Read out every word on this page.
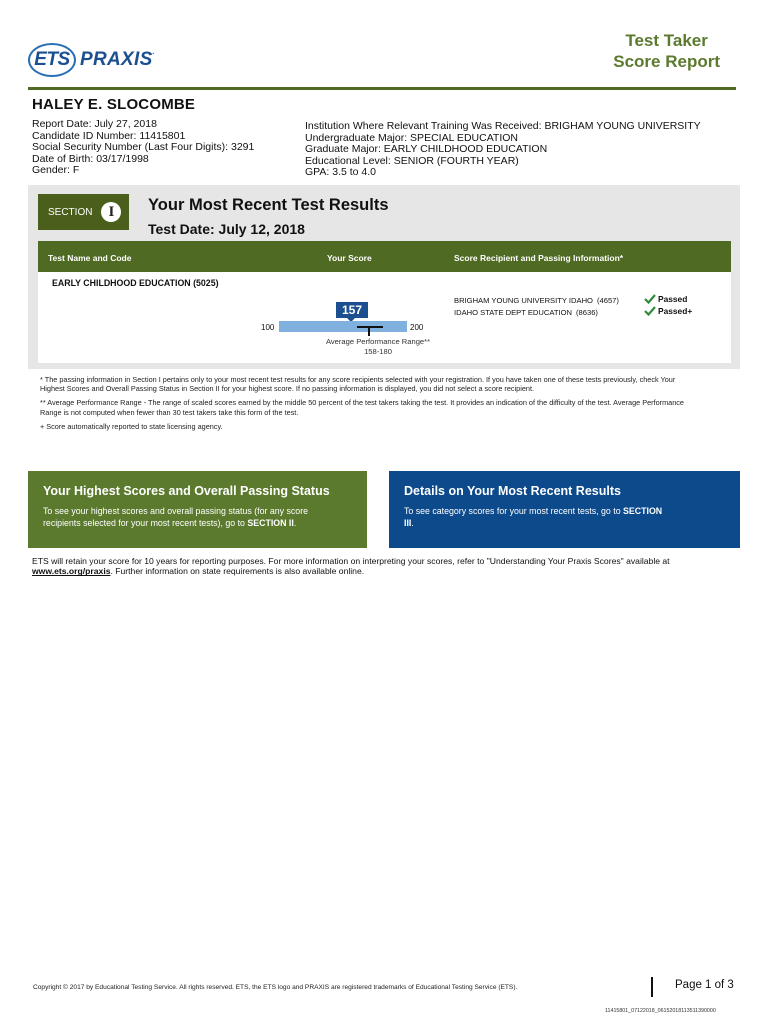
ETS PRAXIS.
Test Taker
Score Report
HALEY E. SLOCOMBE
Report Date: July 27, 2018
Candidate ID Number: 11415801
Social Security Number (Last Four Digits): 3291
Date of Birth: 03/17/1998
Gender: F
Institution Where Relevant Training Was Received: BRIGHAM YOUNG UNIVERSITY
Undergraduate Major: SPECIAL EDUCATION
Graduate Major: EARLY CHILDHOOD EDUCATION
Educational Level: SENIOR (FOURTH YEAR)
GPA: 3.5 to 4.0
SECTION	I	Your Most Recent Test Results
Test Date: July 12, 2018
Test Name and Code	Your Score	Score Recipient and Passing Information*
EARLY CHILDHOOD EDUCATION (5025)
157
100	200
Average Performance Range**
158-180
BRIGHAM YOUNG UNIVERSITY IDAHO (4657)	Passed
IDAHO STATE DEPT EDUCATION (8636)	Passed+

* The passing information in Section I pertains only to your most recent test results for any score recipients selected with your registration. If you have taken one of these tests previously, check Your Highest Scores and Overall Passing Status in Section II for your highest score. If no passing information is displayed, you did not select a score recipient.

** Average Performance Range - The range of scaled scores earned by the middle 50 percent of the test takers taking the test. It provides an indication of the difficulty of the test. Average Performance Range is not computed when fewer than 30 test takers take this form of the test.

+ Score automatically reported to state licensing agency.

Your Highest Scores and Overall Passing Status
To see your highest scores and overall passing status (for any score recipients selected for your most recent tests), go to SECTION II.
Details on Your Most Recent Results
To see category scores for your most recent tests, go to SECTION III.
ETS will retain your score for 10 years for reporting purposes. For more information on interpreting your scores, refer to "Understanding Your Praxis Scores" available at www.ets.org/praxis. Further information on state requirements is also available online.
Copyright © 2017 by Educational Testing Service. All rights reserved. ETS, the ETS logo and PRAXIS are registered trademarks of Educational Testing Service (ETS).	Page 1 of 3
11415801_07122018_06152018113511390000
